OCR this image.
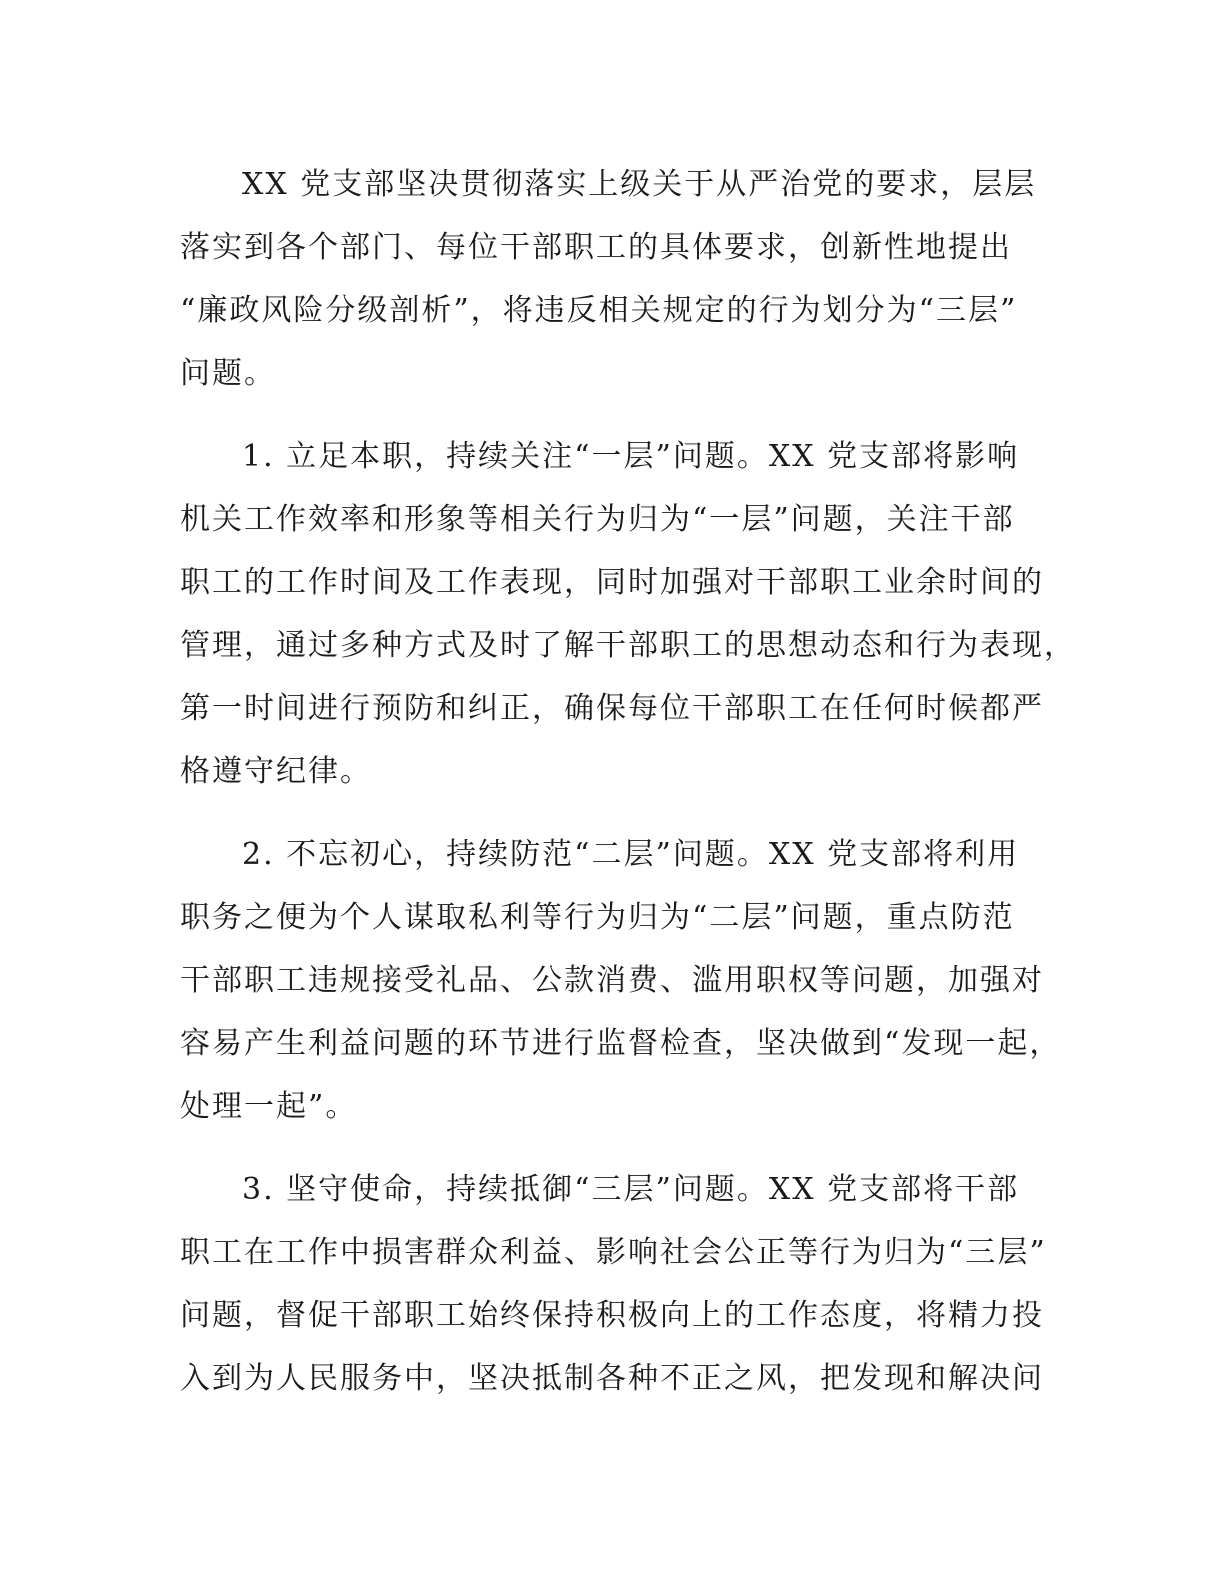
XX 党支部坚决贯彻落实上级关于从严治党的要求，层层
落实到各个部门、每位干部职工的具体要求，创新性地提出
“廉政风险分级剖析”，将违反相关规定的行为划分为“三层”
问题。
1. 立足本职，持续关注“一层”问题。XX 党支部将影响
机关工作效率和形象等相关行为归为“一层”问题，关注干部
职工的工作时间及工作表现，同时加强对干部职工业余时间的
管理，通过多种方式及时了解干部职工的思想动态和行为表现，
第一时间进行预防和纠正，确保每位干部职工在任何时候都严
格遵守纪律。
2. 不忘初心，持续防范“二层”问题。XX 党支部将利用
职务之便为个人谋取私利等行为归为“二层”问题，重点防范
干部职工违规接受礼品、公款消费、滥用职权等问题，加强对
容易产生利益问题的环节进行监督检查，坚决做到“发现一起，
处理一起”。
3. 坚守使命，持续抵御“三层”问题。XX 党支部将干部
职工在工作中损害群众利益、影响社会公正等行为归为“三层”
问题，督促干部职工始终保持积极向上的工作态度，将精力投
入到为人民服务中，坚决抵制各种不正之风，把发现和解决问
